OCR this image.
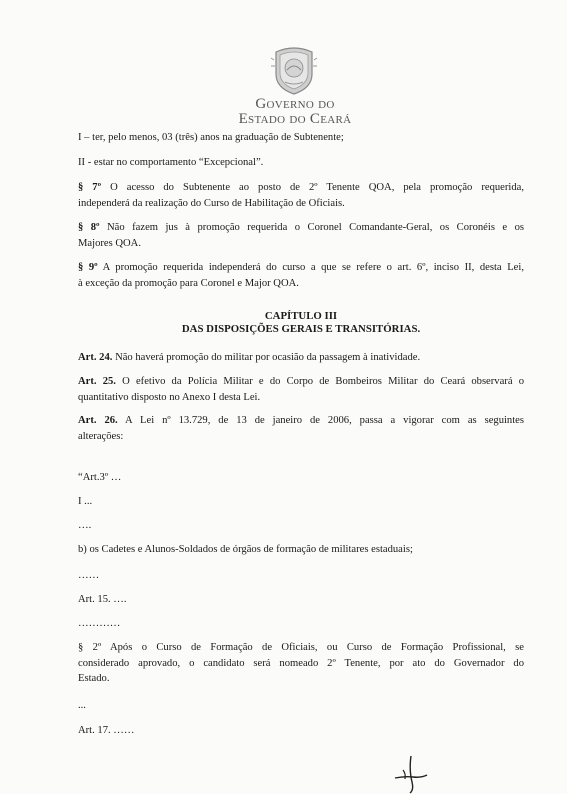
Governo do
Estado do Ceará
I – ter, pelo menos, 03 (três) anos na graduação de Subtenente;
II - estar no comportamento “Excepcional”.
§ 7º O acesso do Subtenente ao posto de 2º Tenente QOA, pela promoção requerida,
independerá da realização do Curso de Habilitação de Oficiais.
§ 8º Não fazem jus à promoção requerida o Coronel Comandante-Geral, os Coronéis e os
Majores QOA.
§ 9º A promoção requerida independerá do curso a que se refere o art. 6º, inciso II, desta Lei,
à exceção da promoção para Coronel e Major QOA.
CAPÍTULO III
DAS DISPOSIÇÕES GERAIS E TRANSITÓRIAS.
Art. 24. Não haverá promoção do militar por ocasião da passagem à inatividade.
Art. 25. O efetivo da Polícia Militar e do Corpo de Bombeiros Militar do Ceará observará o
quantitativo disposto no Anexo I desta Lei.
Art. 26. A Lei nº 13.729, de 13 de janeiro de 2006, passa a vigorar com as seguintes
alterações:
“Art.3º …
I ...
….
b) os Cadetes e Alunos-Soldados de órgãos de formação de militares estaduais;
……
Art. 15. ….
…………
§ 2º Após o Curso de Formação de Oficiais, ou Curso de Formação Profissional, se
considerado aprovado, o candidato será nomeado 2º Tenente, por ato do Governador do
Estado.
...
Art. 17. ……
